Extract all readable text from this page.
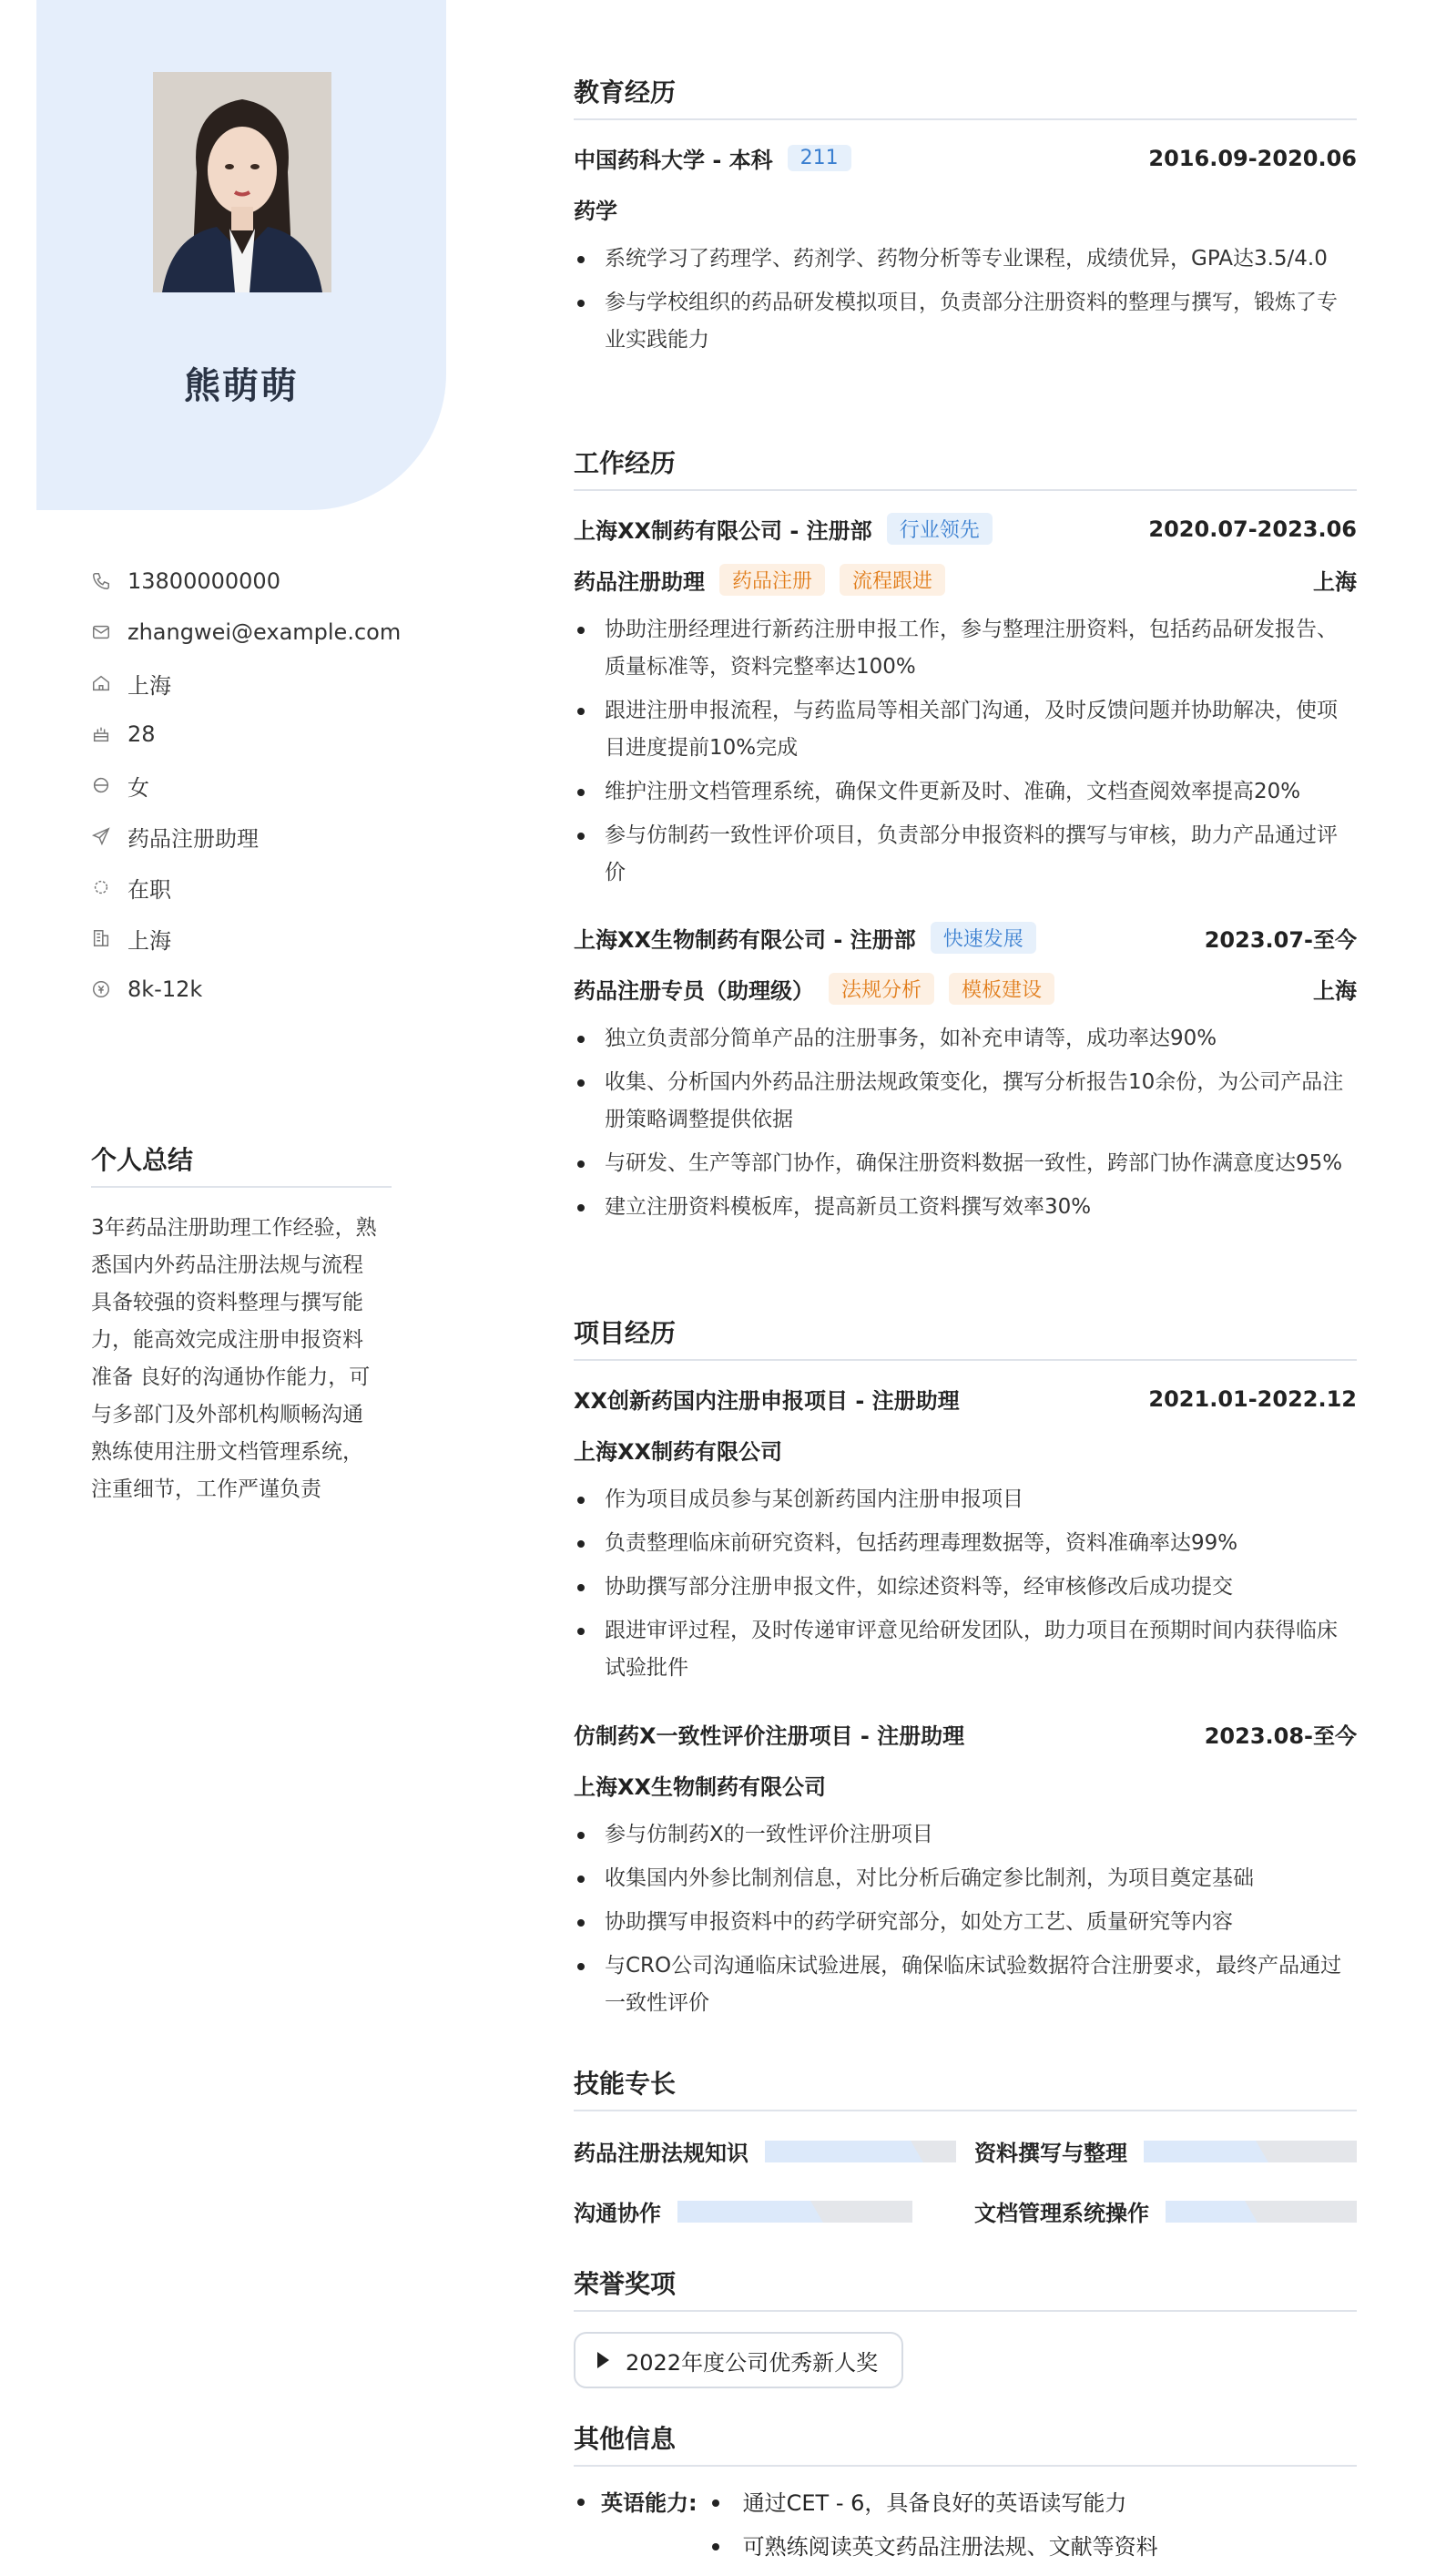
熊萌萌
13800000000
zhangwei@example.com
上海
28
女
药品注册助理
在职
上海
8k-12k
个人总结

3年药品注册助理工作经验，熟

悉国内外药品注册法规与流程

具备较强的资料整理与撰写能

力，能高效完成注册申报资料

准备 良好的沟通协作能力，可

与多部门及外部机构顺畅沟通

熟练使用注册文档管理系统，

注重细节，工作严谨负责

教育经历
中国药科大学 - 本科	211	2016.09-2020.06
药学
系统学习了药理学、药剂学、药物分析等专业课程，成绩优异，GPA达3.5/4.0
参与学校组织的药品研发模拟项目，负责部分注册资料的整理与撰写，锻炼了专业实践能力
工作经历
上海XX制药有限公司 - 注册部	行业领先	2020.07-2023.06
药品注册助理	药品注册	流程跟进	上海
协助注册经理进行新药注册申报工作，参与整理注册资料，包括药品研发报告、质量标准等，资料完整率达100%
跟进注册申报流程，与药监局等相关部门沟通，及时反馈问题并协助解决，使项目进度提前10%完成
维护注册文档管理系统，确保文件更新及时、准确，文档查阅效率提高20%
参与仿制药一致性评价项目，负责部分申报资料的撰写与审核，助力产品通过评价
上海XX生物制药有限公司 - 注册部	快速发展	2023.07-至今
药品注册专员（助理级）	法规分析	模板建设	上海
独立负责部分简单产品的注册事务，如补充申请等，成功率达90%
收集、分析国内外药品注册法规政策变化，撰写分析报告10余份，为公司产品注册策略调整提供依据
与研发、生产等部门协作，确保注册资料数据一致性，跨部门协作满意度达95%
建立注册资料模板库，提高新员工资料撰写效率30%
项目经历
XX创新药国内注册申报项目 - 注册助理	2021.01-2022.12
上海XX制药有限公司
作为项目成员参与某创新药国内注册申报项目
负责整理临床前研究资料，包括药理毒理数据等，资料准确率达99%
协助撰写部分注册申报文件，如综述资料等，经审核修改后成功提交
跟进审评过程，及时传递审评意见给研发团队，助力项目在预期时间内获得临床试验批件
仿制药X一致性评价注册项目 - 注册助理	2023.08-至今
上海XX生物制药有限公司
参与仿制药X的一致性评价注册项目
收集国内外参比制剂信息，对比分析后确定参比制剂，为项目奠定基础
协助撰写申报资料中的药学研究部分，如处方工艺、质量研究等内容
与CRO公司沟通临床试验进展，确保临床试验数据符合注册要求，最终产品通过一致性评价
技能专长
药品注册法规知识	资料撰写与整理
沟通协作	文档管理系统操作
荣誉奖项
2022年度公司优秀新人奖
其他信息
英语能力:	通过CET - 6，具备良好的英语读写能力
可熟练阅读英文药品注册法规、文献等资料
